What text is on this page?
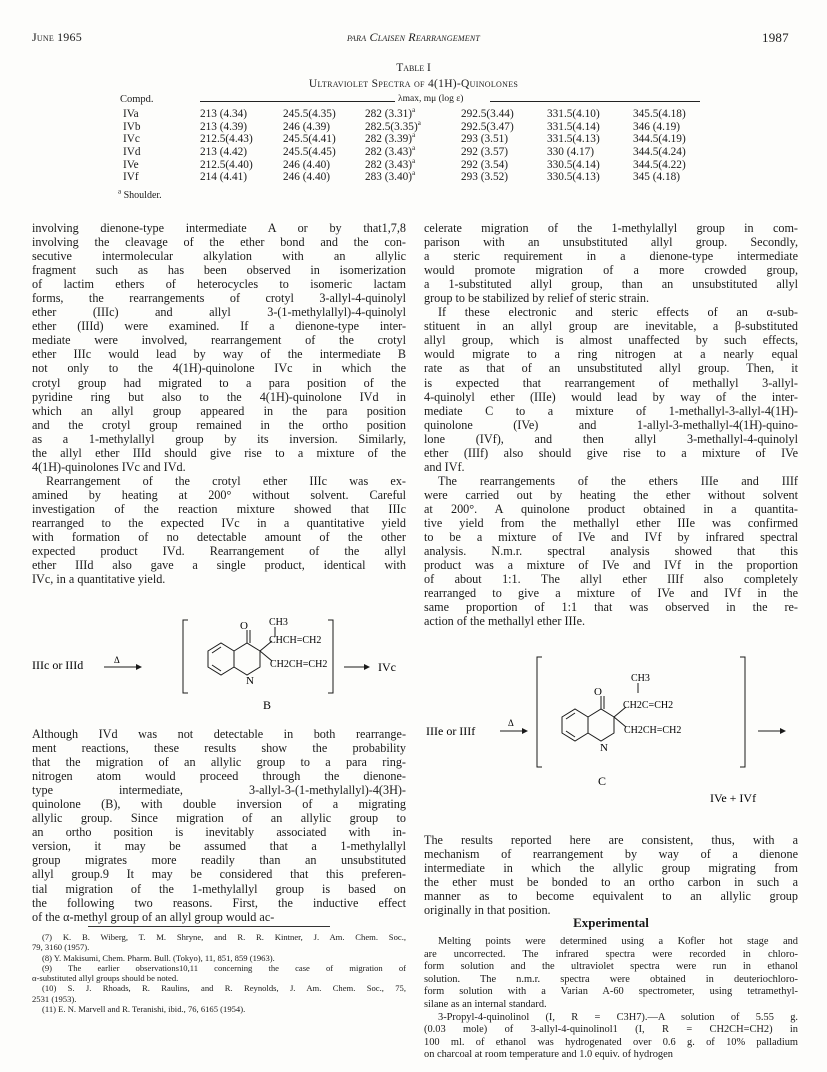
June 1965	para Claisen Rearrangement	1987
Table I
Ultraviolet Spectra of 4(1H)-Quinolones
Compd.	λmax, mμ (log ε)
IVa	213 (4.34)	245.5(4.35)	282 $(3.31)^a$	292.5(3.44)	331.5(4.10)	345.5(4.18)
IVb	213 (4.39)	246 (4.39)	$282.5(3.35)^a$	292.5(3.47)	331.5(4.14)	346 (4.19)
IVc	212.5(4.43)	245.5(4.41)	282 $(3.39)^a$	293 (3.51)	331.5(4.13)	344.5(4.19)
IVd	213 (4.42)	245.5(4.45)	282 $(3.43)^a$	292 (3.57)	330 (4.17)	344.5(4.24)
IVe	212.5(4.40)	246 (4.40)	282 $(3.43)^a$	292 (3.54)	330.5(4.14)	344.5(4.22)
IVf	214 (4.41)	246 (4.40)	283 $(3.40)^a$	293 (3.52)	330.5(4.13)	345 (4.18)
$^a$ Shoulder.
involving dienone-type intermediate A or by that1,7,8
involving the cleavage of the ether bond and the con-
secutive intermolecular alkylation with an allylic
fragment such as has been observed in isomerization
of lactim ethers of heterocycles to isomeric lactam
forms, the rearrangements of crotyl 3-allyl-4-quinolyl
ether (IIIc) and allyl 3-(1-methylallyl)-4-quinolyl
ether (IIId) were examined. If a dienone-type inter-
mediate were involved, rearrangement of the crotyl
ether IIIc would lead by way of the intermediate B
not only to the 4(1H)-quinolone IVc in which the
crotyl group had migrated to a para position of the
pyridine ring but also to the 4(1H)-quinolone IVd in
which an allyl group appeared in the para position
and the crotyl group remained in the ortho position
as a 1-methylallyl group by its inversion. Similarly,
the allyl ether IIId should give rise to a mixture of the
4(1H)-quinolones IVc and IVd.
Rearrangement of the crotyl ether IIIc was ex-
amined by heating at 200° without solvent. Careful
investigation of the reaction mixture showed that IIIc
rearranged to the expected IVc in a quantitative yield
with formation of no detectable amount of the other
expected product IVd. Rearrangement of the allyl
ether IIId also gave a single product, identical with
IVc, in a quantitative yield.
IIIc or IIId	Δ
O
N
CH3
CHCH=CH2
CH2CH=CH2	IVc
B
Although IVd was not detectable in both rearrange-
ment reactions, these results show the probability
that the migration of an allylic group to a para ring-
nitrogen atom would proceed through the dienone-
type intermediate, 3-allyl-3-(1-methylallyl)-4(3H)-
quinolone (B), with double inversion of a migrating
allylic group. Since migration of an allylic group to
an ortho position is inevitably associated with in-
version, it may be assumed that a 1-methylallyl
group migrates more readily than an unsubstituted
allyl group.9 It may be considered that this preferen-
tial migration of the 1-methylallyl group is based on
the following two reasons. First, the inductive effect
of the α-methyl group of an allyl group would ac-
(7) K. B. Wiberg, T. M. Shryne, and R. R. Kintner, J. Am. Chem. Soc.,
79, 3160 (1957).
(8) Y. Makisumi, Chem. Pharm. Bull. (Tokyo), 11, 851, 859 (1963).
(9) The earlier observations10,11 concerning the case of migration of
α-substituted allyl groups should be noted.
(10) S. J. Rhoads, R. Raulins, and R. Reynolds, J. Am. Chem. Soc., 75,
2531 (1953).
(11) E. N. Marvell and R. Teranishi, ibid., 76, 6165 (1954).
celerate migration of the 1-methylallyl group in com-
parison with an unsubstituted allyl group. Secondly,
a steric requirement in a dienone-type intermediate
would promote migration of a more crowded group,
a 1-substituted allyl group, than an unsubstituted allyl
group to be stabilized by relief of steric strain.
If these electronic and steric effects of an α-sub-
stituent in an allyl group are inevitable, a β-substituted
allyl group, which is almost unaffected by such effects,
would migrate to a ring nitrogen at a nearly equal
rate as that of an unsubstituted allyl group. Then, it
is expected that rearrangement of methallyl 3-allyl-
4-quinolyl ether (IIIe) would lead by way of the inter-
mediate C to a mixture of 1-methallyl-3-allyl-4(1H)-
quinolone (IVe) and 1-allyl-3-methallyl-4(1H)-quino-
lone (IVf), and then allyl 3-methallyl-4-quinolyl
ether (IIIf) also should give rise to a mixture of IVe
and IVf.
The rearrangements of the ethers IIIe and IIIf
were carried out by heating the ether without solvent
at 200°. A quinolone product obtained in a quantita-
tive yield from the methallyl ether IIIe was confirmed
to be a mixture of IVe and IVf by infrared spectral
analysis. N.m.r. spectral analysis showed that this
product was a mixture of IVe and IVf in the proportion
of about 1:1. The allyl ether IIIf also completely
rearranged to give a mixture of IVe and IVf in the
same proportion of 1:1 that was observed in the re-
action of the methallyl ether IIIe.
IIIe or IIIf
Δ
O
N
CH3
CH2C=CH2
CH2CH=CH2
C
IVe + IVf
The results reported here are consistent, thus, with a
mechanism of rearrangement by way of a dienone
intermediate in which the allylic group migrating from
the ether must be bonded to an ortho carbon in such a
manner as to become equivalent to an allylic group
originally in that position.
Experimental
Melting points were determined using a Kofler hot stage and
are uncorrected. The infrared spectra were recorded in chloro-
form solution and the ultraviolet spectra were run in ethanol
solution. The n.m.r. spectra were obtained in deuteriochloro-
form solution with a Varian A-60 spectrometer, using tetramethyl-
silane as an internal standard.
3-Propyl-4-quinolinol (I, R = C3H7).—A solution of 5.55 g.
(0.03 mole) of 3-allyl-4-quinolinol1 (I, R = CH2CH=CH2) in
100 ml. of ethanol was hydrogenated over 0.6 g. of 10% palladium
on charcoal at room temperature and 1.0 equiv. of hydrogen
